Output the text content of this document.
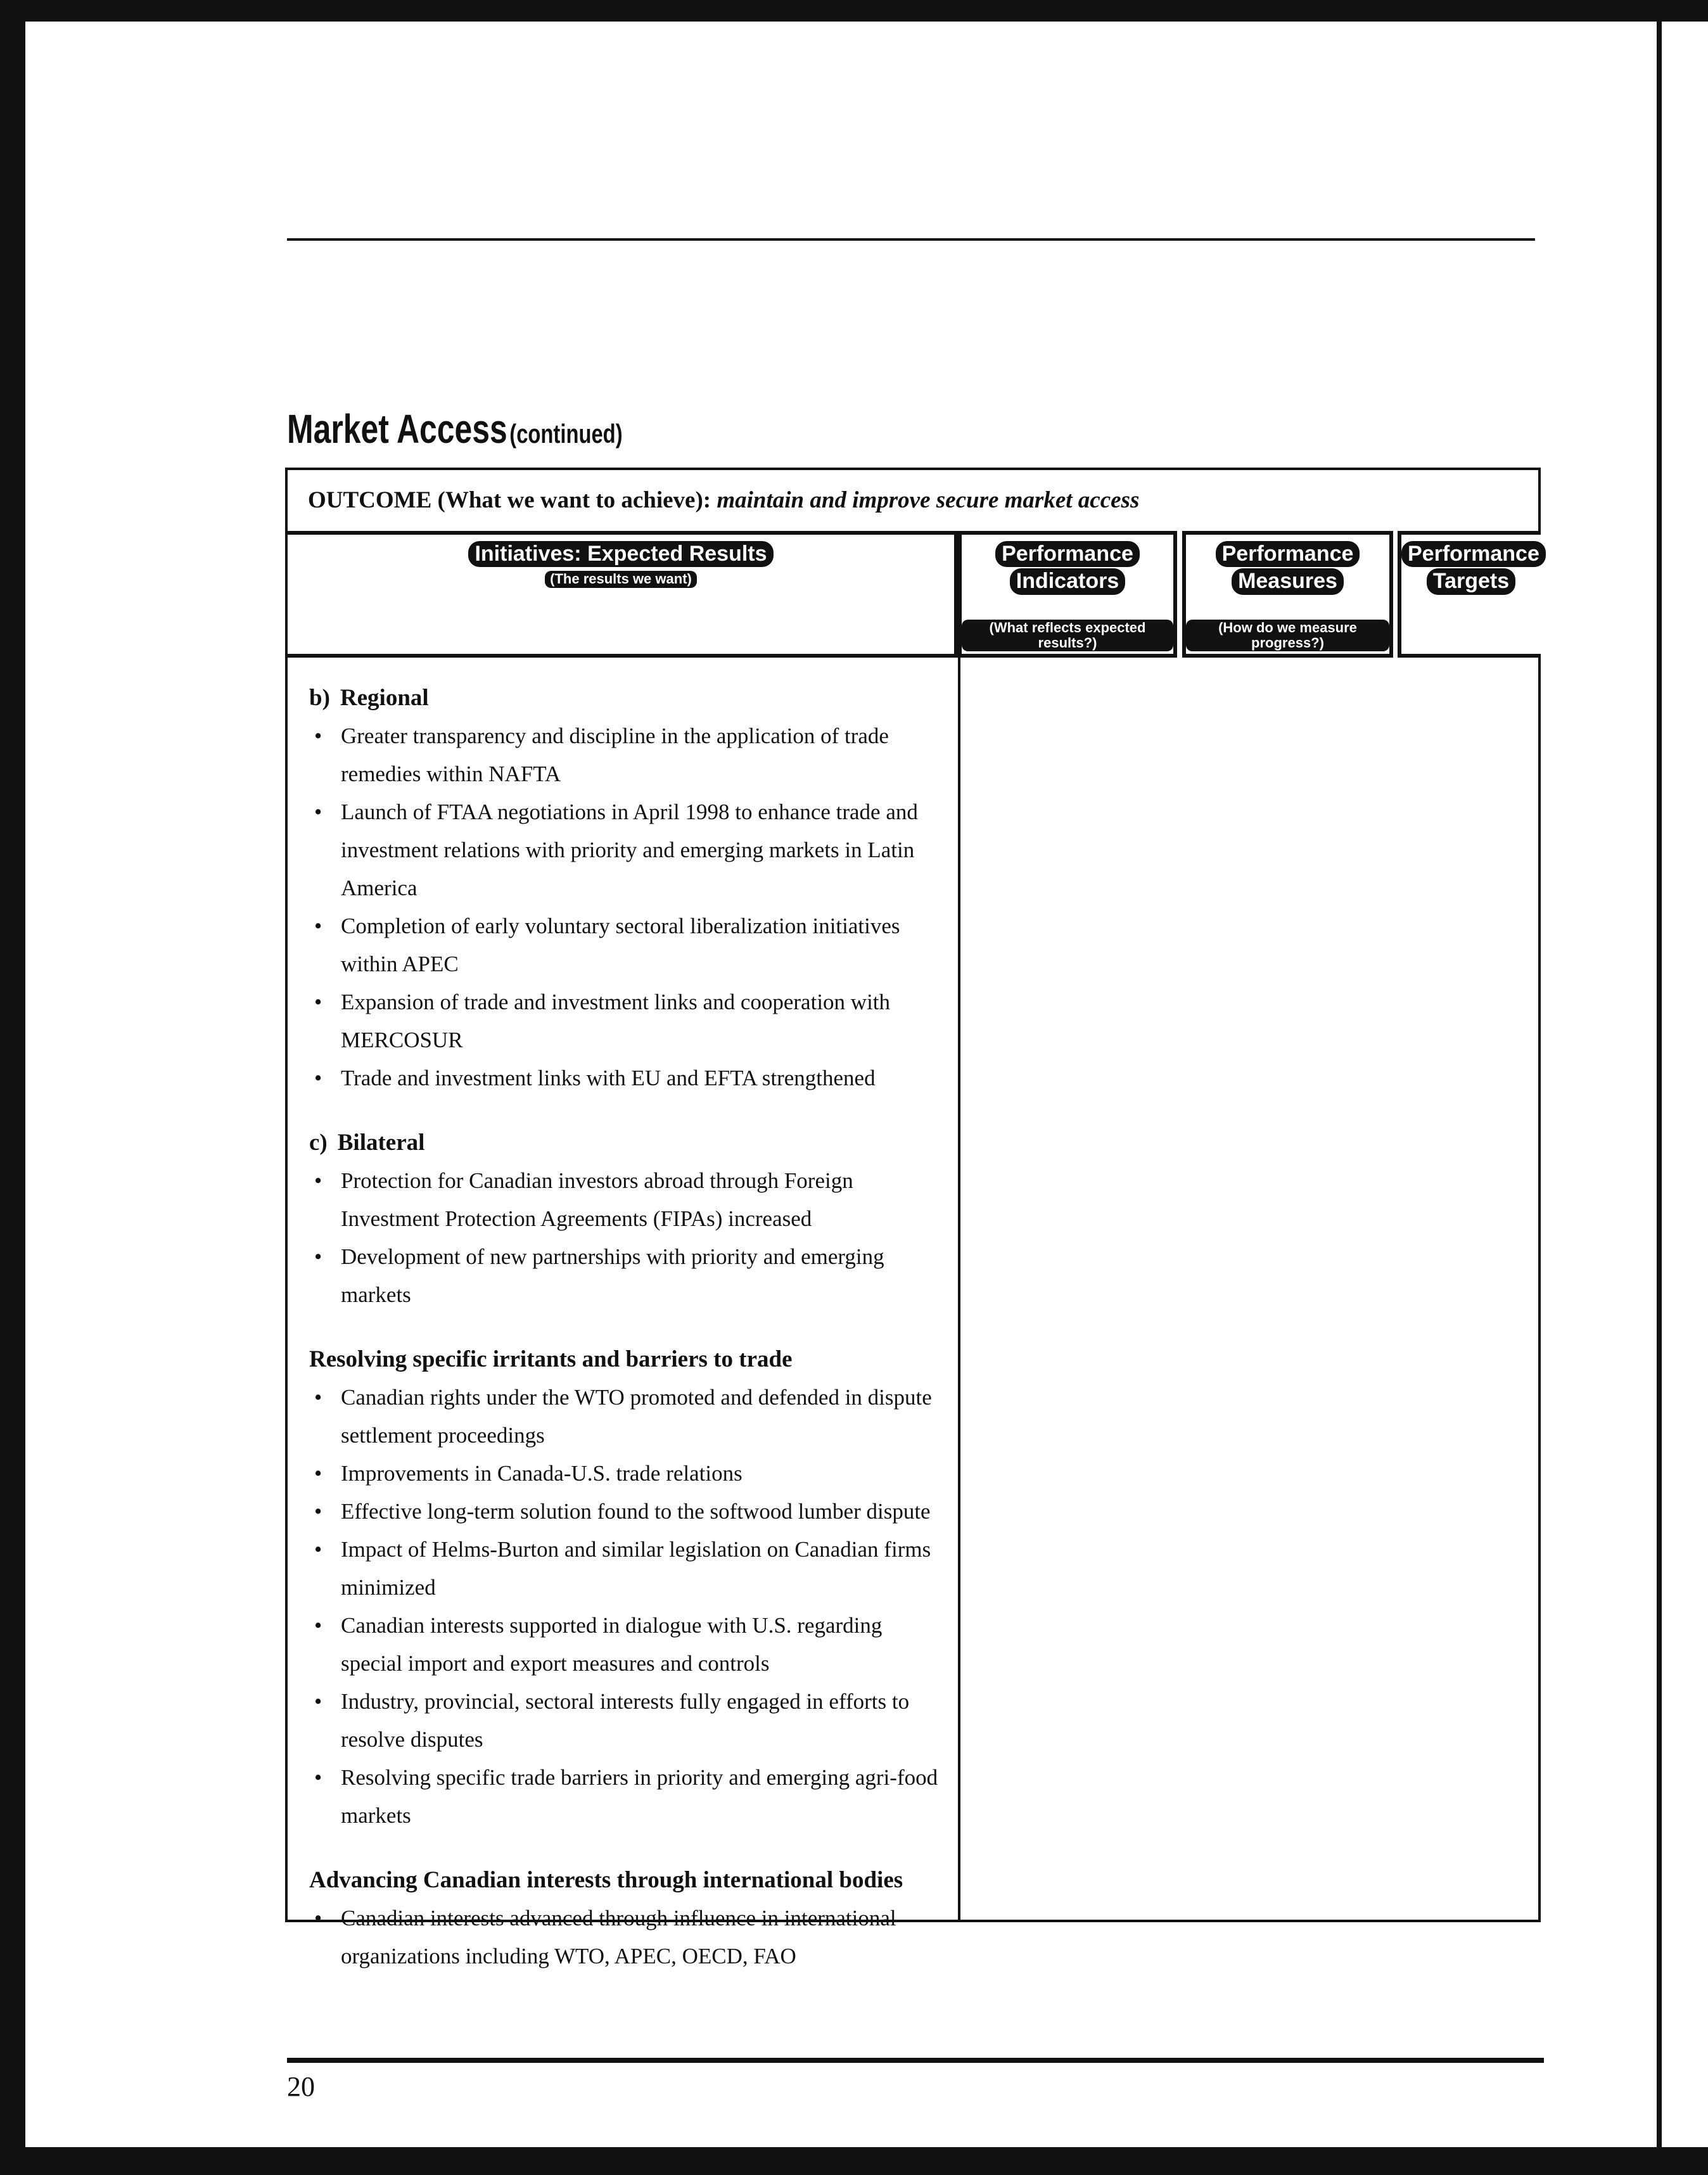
Market Access (continued)
OUTCOME (What we want to achieve): maintain and improve secure market access
Initiatives: Expected Results
(The results we want)
Performance
Indicators
(What reflects expected results?)
Performance
Measures
(How do we measure progress?)
Performance
Targets
b) Regional
• Greater transparency and discipline in the application of trade remedies within NAFTA
• Launch of FTAA negotiations in April 1998 to enhance trade and investment relations with priority and emerging markets in Latin America
• Completion of early voluntary sectoral liberalization initiatives within APEC
• Expansion of trade and investment links and cooperation with MERCOSUR
• Trade and investment links with EU and EFTA strengthened
c) Bilateral
• Protection for Canadian investors abroad through Foreign Investment Protection Agreements (FIPAs) increased
• Development of new partnerships with priority and emerging markets
Resolving specific irritants and barriers to trade
• Canadian rights under the WTO promoted and defended in dispute settlement proceedings
• Improvements in Canada-U.S. trade relations
• Effective long-term solution found to the softwood lumber dispute
• Impact of Helms-Burton and similar legislation on Canadian firms minimized
• Canadian interests supported in dialogue with U.S. regarding special import and export measures and controls
• Industry, provincial, sectoral interests fully engaged in efforts to resolve disputes
• Resolving specific trade barriers in priority and emerging agri-food markets
Advancing Canadian interests through international bodies
• Canadian interests advanced through influence in international organizations including WTO, APEC, OECD, FAO
20
